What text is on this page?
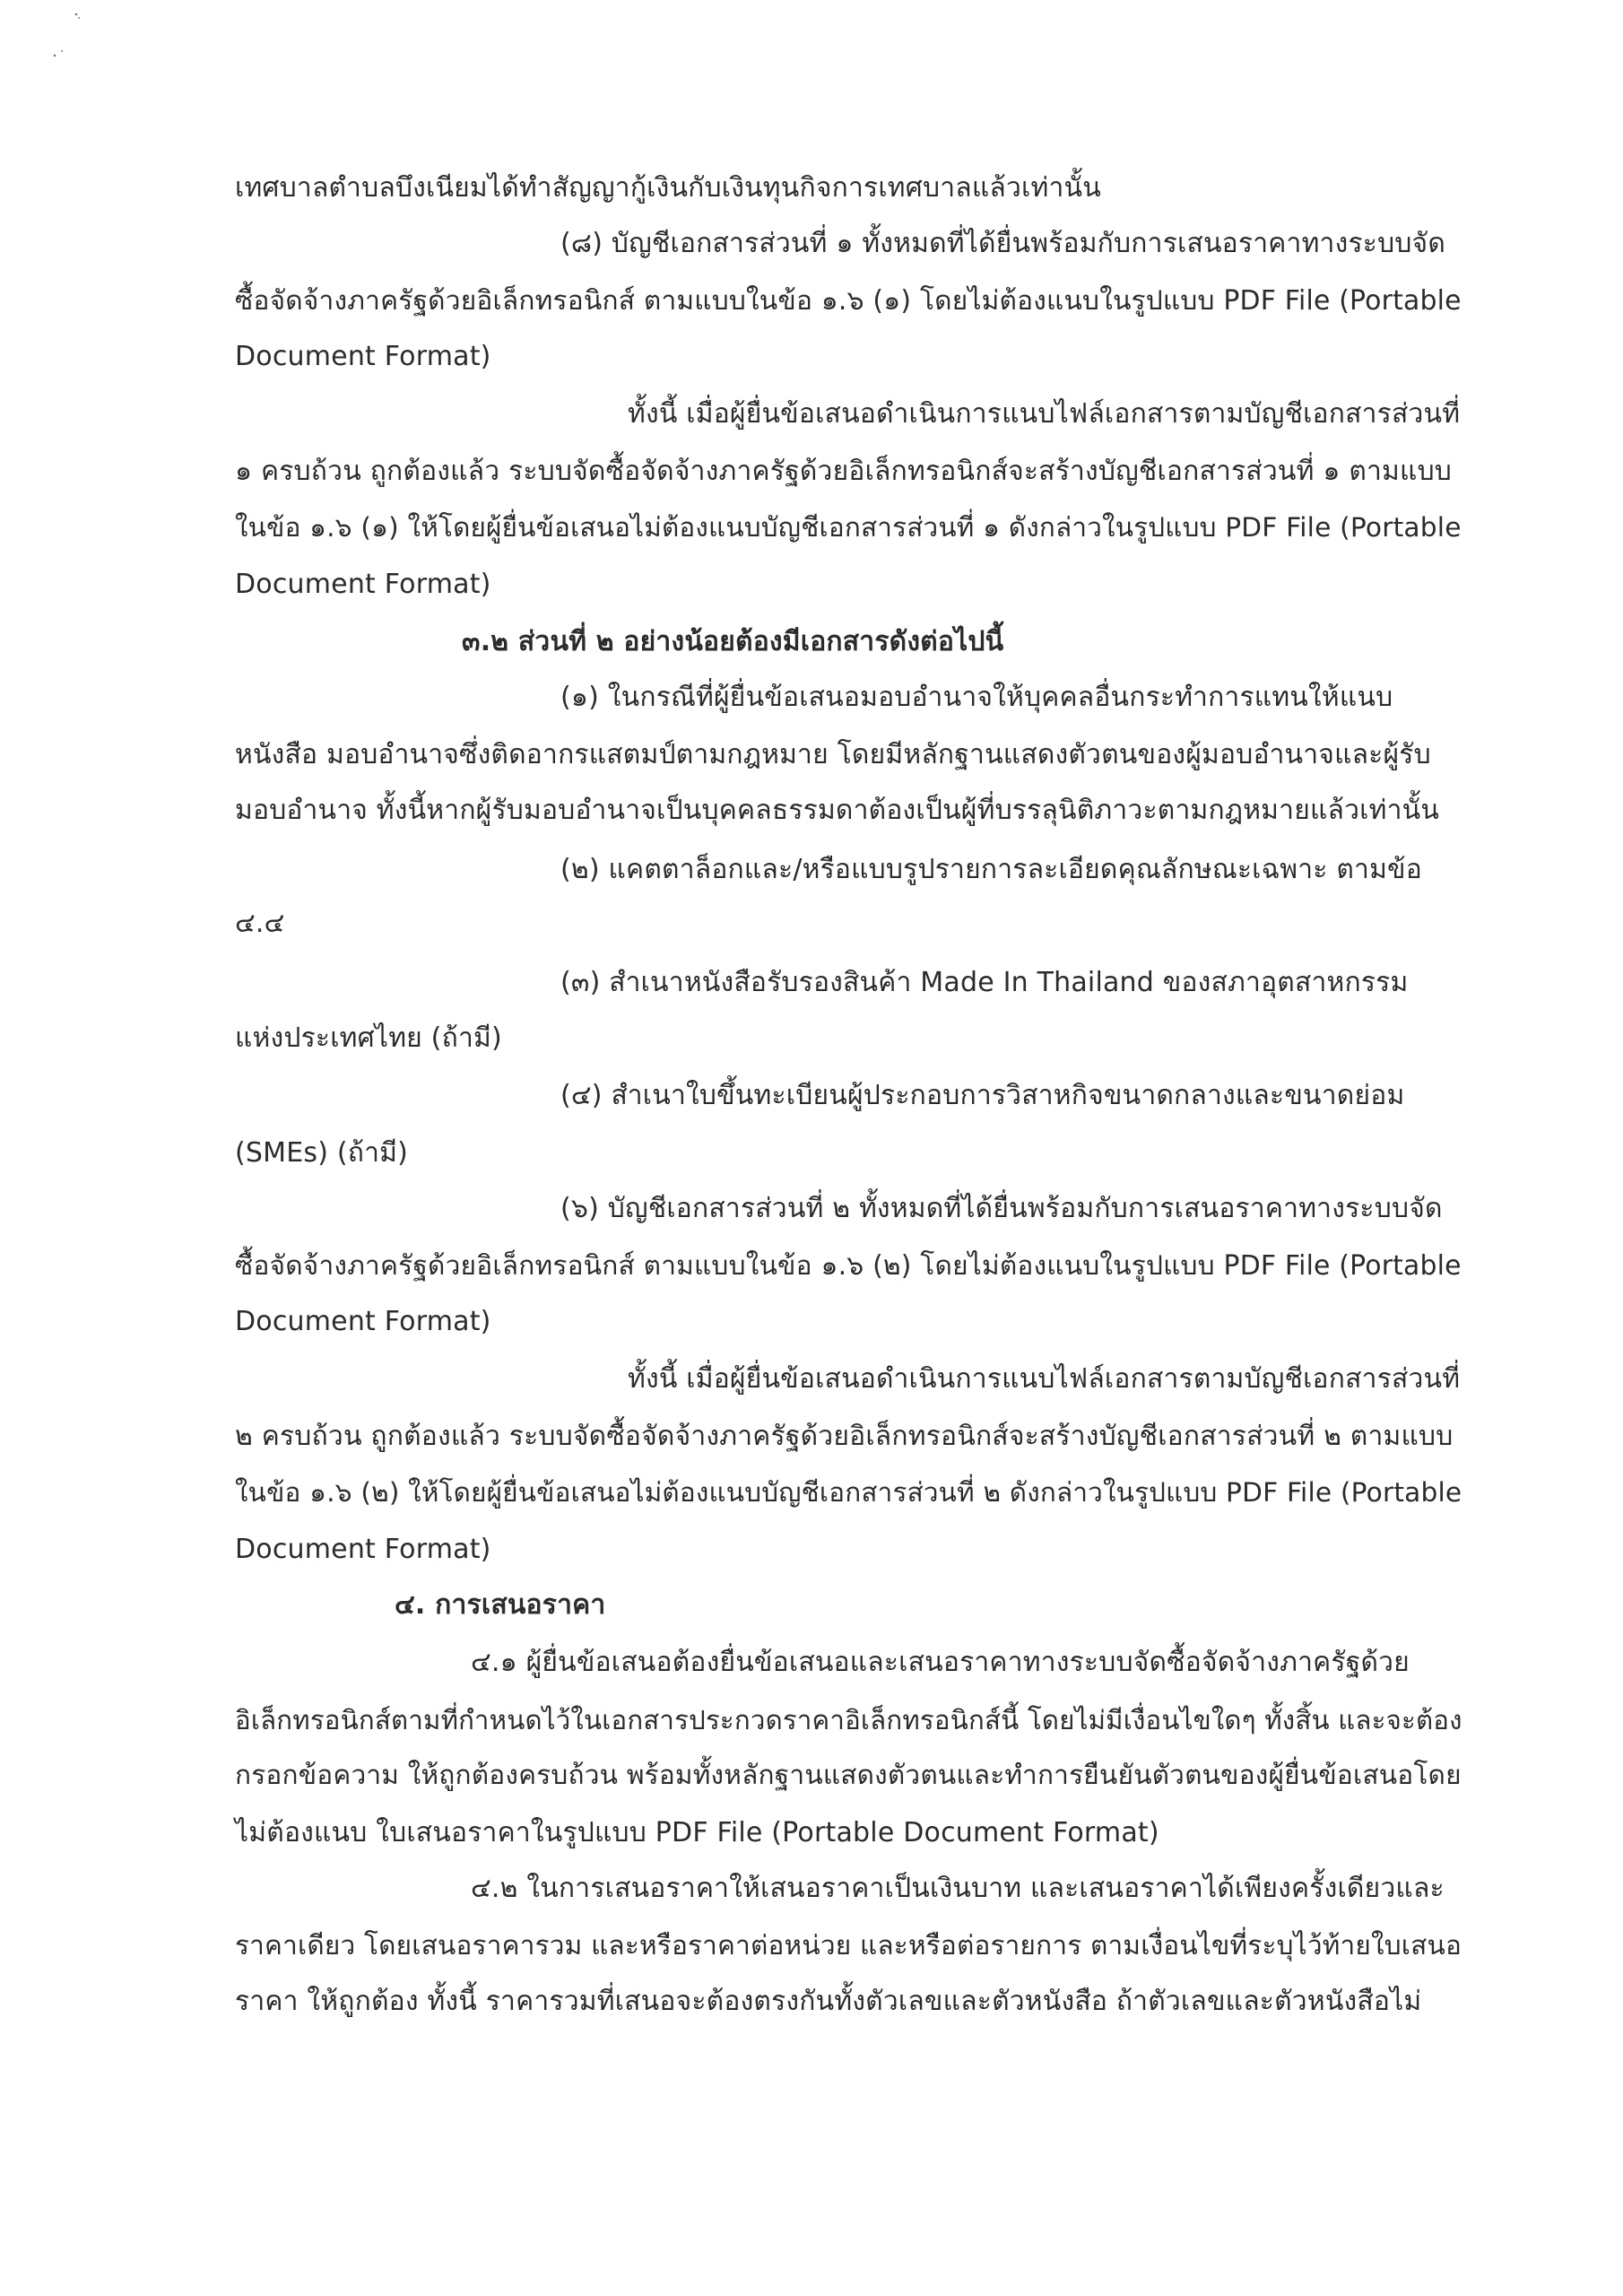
เทศบาลตำบลบึงเนียมได้ทำสัญญากู้เงินกับเงินทุนกิจการเทศบาลแล้วเท่านั้น

(๘) บัญชีเอกสารส่วนที่ ๑ ทั้งหมดที่ได้ยื่นพร้อมกับการเสนอราคาทางระบบจัด

ซื้อจัดจ้างภาครัฐด้วยอิเล็กทรอนิกส์ ตามแบบในข้อ ๑.๖ (๑) โดยไม่ต้องแนบในรูปแบบ PDF File (Portable

Document Format)

ทั้งนี้ เมื่อผู้ยื่นข้อเสนอดำเนินการแนบไฟล์เอกสารตามบัญชีเอกสารส่วนที่

๑ ครบถ้วน ถูกต้องแล้ว ระบบจัดซื้อจัดจ้างภาครัฐด้วยอิเล็กทรอนิกส์จะสร้างบัญชีเอกสารส่วนที่ ๑ ตามแบบ

ในข้อ ๑.๖ (๑) ให้โดยผู้ยื่นข้อเสนอไม่ต้องแนบบัญชีเอกสารส่วนที่ ๑ ดังกล่าวในรูปแบบ PDF File (Portable

Document Format)

๓.๒ ส่วนที่ ๒ อย่างน้อยต้องมีเอกสารดังต่อไปนี้

(๑) ในกรณีที่ผู้ยื่นข้อเสนอมอบอำนาจให้บุคคลอื่นกระทำการแทนให้แนบ

หนังสือ มอบอำนาจซึ่งติดอากรแสตมป์ตามกฎหมาย โดยมีหลักฐานแสดงตัวตนของผู้มอบอำนาจและผู้รับ

มอบอำนาจ ทั้งนี้หากผู้รับมอบอำนาจเป็นบุคคลธรรมดาต้องเป็นผู้ที่บรรลุนิติภาวะตามกฎหมายแล้วเท่านั้น

(๒) แคตตาล็อกและ/หรือแบบรูปรายการละเอียดคุณลักษณะเฉพาะ ตามข้อ

๔.๔

(๓) สำเนาหนังสือรับรองสินค้า Made In Thailand ของสภาอุตสาหกรรม

แห่งประเทศไทย (ถ้ามี)

(๔) สำเนาใบขึ้นทะเบียนผู้ประกอบการวิสาหกิจขนาดกลางและขนาดย่อม

(SMEs) (ถ้ามี)

(๖) บัญชีเอกสารส่วนที่ ๒ ทั้งหมดที่ได้ยื่นพร้อมกับการเสนอราคาทางระบบจัด

ซื้อจัดจ้างภาครัฐด้วยอิเล็กทรอนิกส์ ตามแบบในข้อ ๑.๖ (๒) โดยไม่ต้องแนบในรูปแบบ PDF File (Portable

Document Format)

ทั้งนี้ เมื่อผู้ยื่นข้อเสนอดำเนินการแนบไฟล์เอกสารตามบัญชีเอกสารส่วนที่

๒ ครบถ้วน ถูกต้องแล้ว ระบบจัดซื้อจัดจ้างภาครัฐด้วยอิเล็กทรอนิกส์จะสร้างบัญชีเอกสารส่วนที่ ๒ ตามแบบ

ในข้อ ๑.๖ (๒) ให้โดยผู้ยื่นข้อเสนอไม่ต้องแนบบัญชีเอกสารส่วนที่ ๒ ดังกล่าวในรูปแบบ PDF File (Portable

Document Format)

๔. การเสนอราคา

๔.๑ ผู้ยื่นข้อเสนอต้องยื่นข้อเสนอและเสนอราคาทางระบบจัดซื้อจัดจ้างภาครัฐด้วย

อิเล็กทรอนิกส์ตามที่กำหนดไว้ในเอกสารประกวดราคาอิเล็กทรอนิกส์นี้ โดยไม่มีเงื่อนไขใดๆ ทั้งสิ้น และจะต้อง

กรอกข้อความ ให้ถูกต้องครบถ้วน พร้อมทั้งหลักฐานแสดงตัวตนและทำการยืนยันตัวตนของผู้ยื่นข้อเสนอโดย

ไม่ต้องแนบ ใบเสนอราคาในรูปแบบ PDF File (Portable Document Format)

๔.๒ ในการเสนอราคาให้เสนอราคาเป็นเงินบาท และเสนอราคาได้เพียงครั้งเดียวและ

ราคาเดียว โดยเสนอราคารวม และหรือราคาต่อหน่วย และหรือต่อรายการ ตามเงื่อนไขที่ระบุไว้ท้ายใบเสนอ

ราคา ให้ถูกต้อง ทั้งนี้ ราคารวมที่เสนอจะต้องตรงกันทั้งตัวเลขและตัวหนังสือ ถ้าตัวเลขและตัวหนังสือไม่
